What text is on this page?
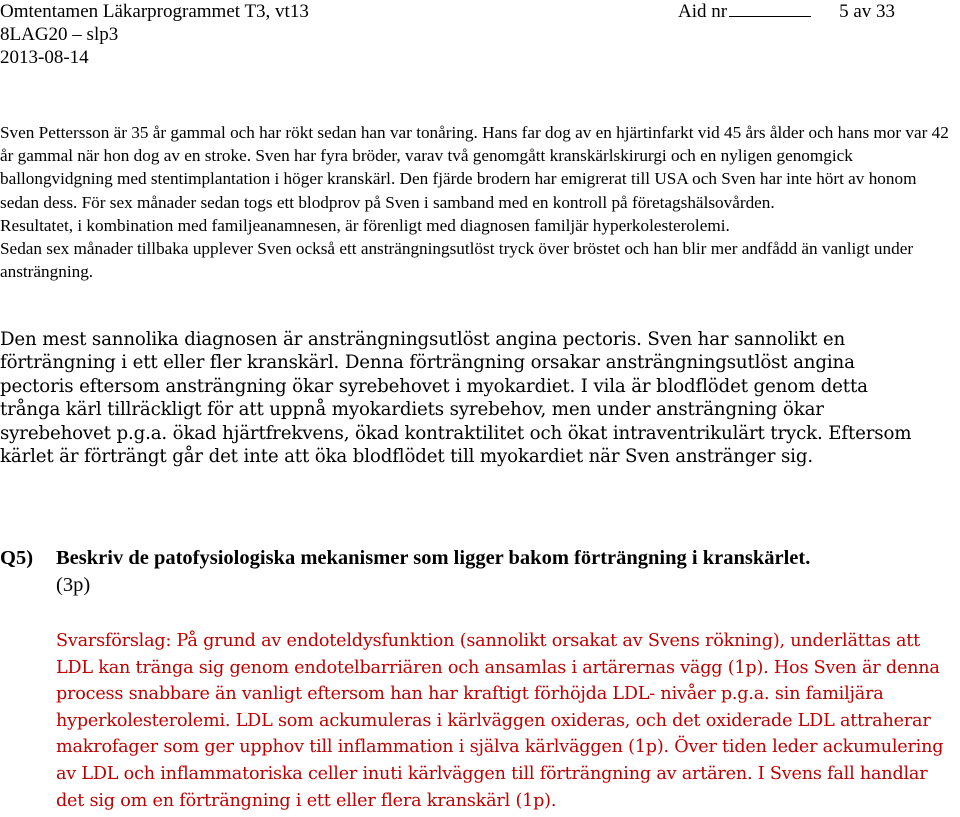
Omtentamen Läkarprogrammet T3, vt13	Aid nr	5 av 33
8LAG20 – slp3
2013-08-14

Sven Pettersson är 35 år gammal och har rökt sedan han var tonåring. Hans far dog av en hjärtinfarkt vid 45 års ålder och hans mor var 42 år gammal när hon dog av en stroke. Sven har fyra bröder, varav två genomgått kranskärlskirurgi och en nyligen genomgick ballongvidgning med stentimplantation i höger kranskärl. Den fjärde brodern har emigrerat till USA och Sven har inte hört av honom sedan dess. För sex månader sedan togs ett blodprov på Sven i samband med en kontroll på företagshälsovården.

Resultatet, i kombination med familjeanamnesen, är förenligt med diagnosen familjär hyperkolesterolemi.

Sedan sex månader tillbaka upplever Sven också ett ansträngningsutlöst tryck över bröstet och han blir mer andfådd än vanligt under ansträngning.

Den mest sannolika diagnosen är ansträngningsutlöst angina pectoris. Sven har sannolikt en förträngning i ett eller fler kranskärl. Denna förträngning orsakar ansträngningsutlöst angina pectoris eftersom ansträngning ökar syrebehovet i myokardiet. I vila är blodflödet genom detta trånga kärl tillräckligt för att uppnå myokardiets syrebehov, men under ansträngning ökar syrebehovet p.g.a. ökad hjärtfrekvens, ökad kontraktilitet och ökat intraventrikulärt tryck. Eftersom kärlet är förträngt går det inte att öka blodflödet till myokardiet när Sven anstränger sig.

Q5) Beskriv de patofysiologiska mekanismer som ligger bakom förträngning i kranskärlet.
(3p)

Svarsförslag: På grund av endoteldysfunktion (sannolikt orsakat av Svens rökning), underlättas att LDL kan tränga sig genom endotelbarriären och ansamlas i artärernas vägg (1p). Hos Sven är denna process snabbare än vanligt eftersom han har kraftigt förhöjda LDL- nivåer p.g.a. sin familjära hyperkolesterolemi. LDL som ackumuleras i kärlväggen oxideras, och det oxiderade LDL attraherar makrofager som ger upphov till inflammation i själva kärlväggen (1p). Över tiden leder ackumulering av LDL och inflammatoriska celler inuti kärlväggen till förträngning av artären. I Svens fall handlar det sig om en förträngning i ett eller flera kranskärl (1p).
